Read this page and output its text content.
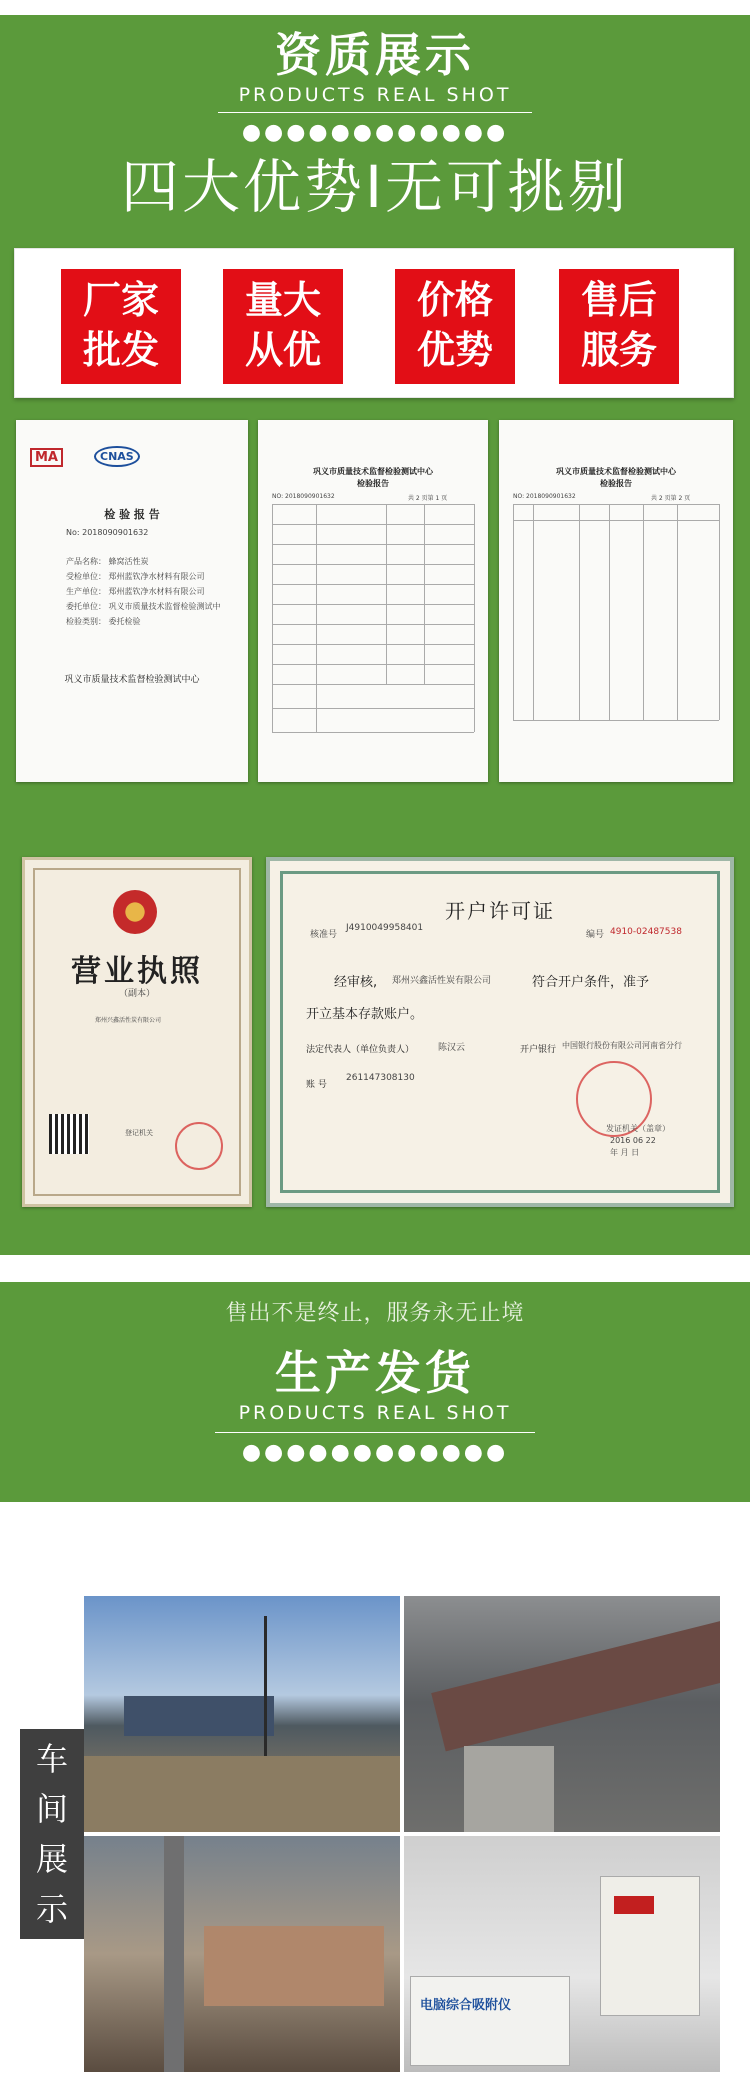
资质展示
PRODUCTS REAL SHOT
●●●●●●●●●●●●
四大优势I无可挑剔
厂家
批发
量大
从优
价格
优势
售后
服务
MA	CNAS
检 验 报 告
No: 2018090901632
产品名称： 蜂窝活性炭
受检单位： 郑州蓝钦净水材料有限公司
生产单位： 郑州蓝钦净水材料有限公司
委托单位： 巩义市质量技术监督检验测试中
检验类别： 委托检验
巩义市质量技术监督检验测试中心
巩义市质量技术监督检验测试中心
检验报告
NO: 2018090901632	共 2 页第 1 页
巩义市质量技术监督检验测试中心
检验报告
NO: 2018090901632	共 2 页第 2 页
营业执照
（副本）
郑州兴鑫活性炭有限公司
登记机关
开户许可证
核准号
J4910049958401
编号 4910-02487538
经审核, 郑州兴鑫活性炭有限公司	符合开户条件，准予
开立基本存款账户。
法定代表人（单位负责人）	陈汉云	开户银行 中国银行股份有限公司河南省分行
账 号
261147308130
发证机关（盖章）
2016 06 22
年 月 日
售出不是终止，服务永无止境
生产发货
PRODUCTS REAL SHOT
●●●●●●●●●●●●
电脑综合吸附仪
车
间
展
示
